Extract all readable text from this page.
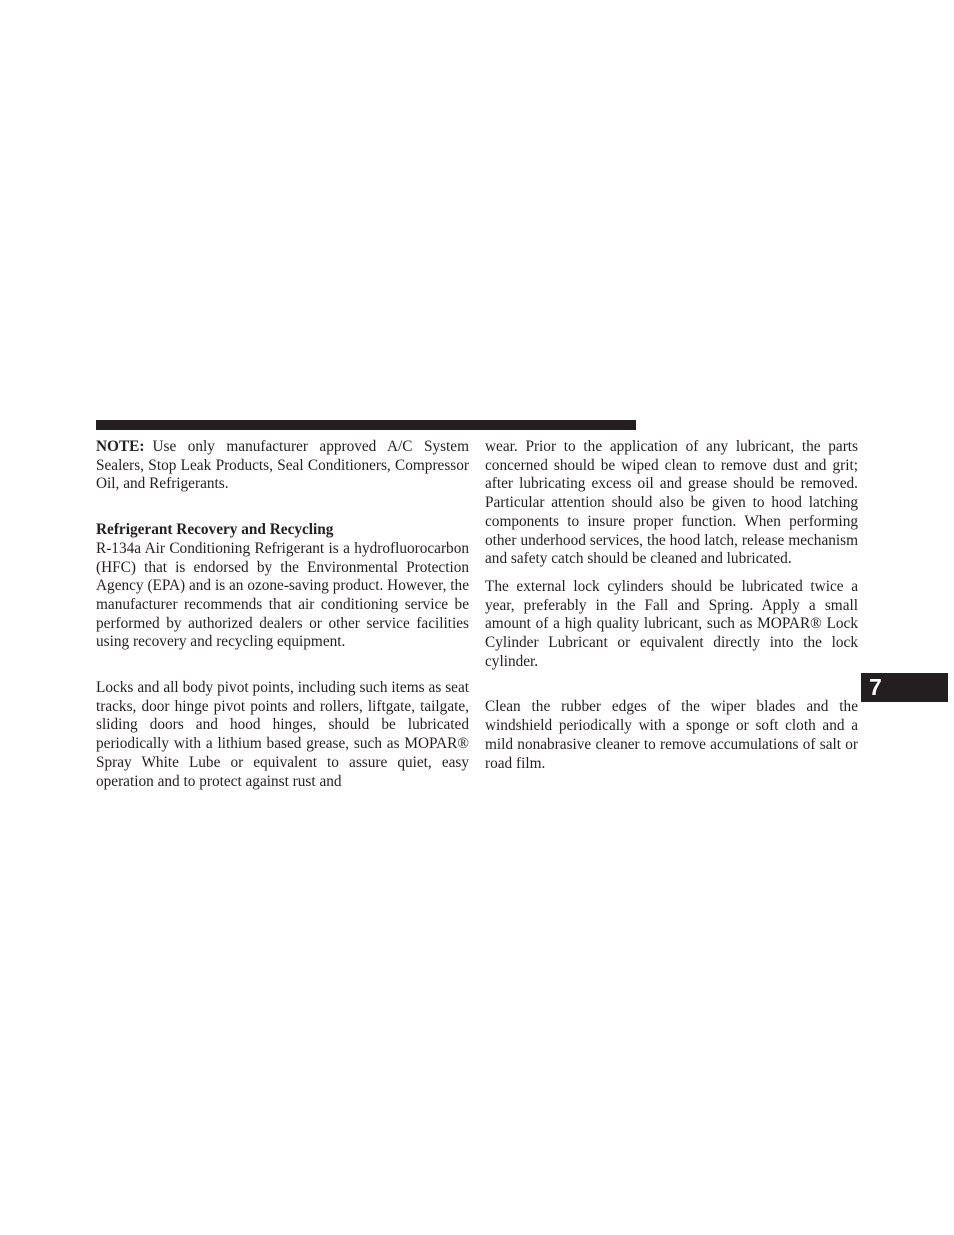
NOTE: Use only manufacturer approved A/C System Sealers, Stop Leak Products, Seal Conditioners, Compressor Oil, and Refrigerants.

Refrigerant Recovery and Recycling

R-134a Air Conditioning Refrigerant is a hydrofluorocarbon (HFC) that is endorsed by the Environmental Protection Agency (EPA) and is an ozone-saving product. However, the manufacturer recommends that air conditioning service be performed by authorized dealers or other service facilities using recovery and recycling equipment.

Locks and all body pivot points, including such items as seat tracks, door hinge pivot points and rollers, liftgate, tailgate, sliding doors and hood hinges, should be lubricated periodically with a lithium based grease, such as MOPAR® Spray White Lube or equivalent to assure quiet, easy operation and to protect against rust and

wear. Prior to the application of any lubricant, the parts concerned should be wiped clean to remove dust and grit; after lubricating excess oil and grease should be removed. Particular attention should also be given to hood latching components to insure proper function. When performing other underhood services, the hood latch, release mechanism and safety catch should be cleaned and lubricated.

The external lock cylinders should be lubricated twice a year, preferably in the Fall and Spring. Apply a small amount of a high quality lubricant, such as MOPAR® Lock Cylinder Lubricant or equivalent directly into the lock cylinder.

Clean the rubber edges of the wiper blades and the windshield periodically with a sponge or soft cloth and a mild nonabrasive cleaner to remove accumulations of salt or road film.

7
